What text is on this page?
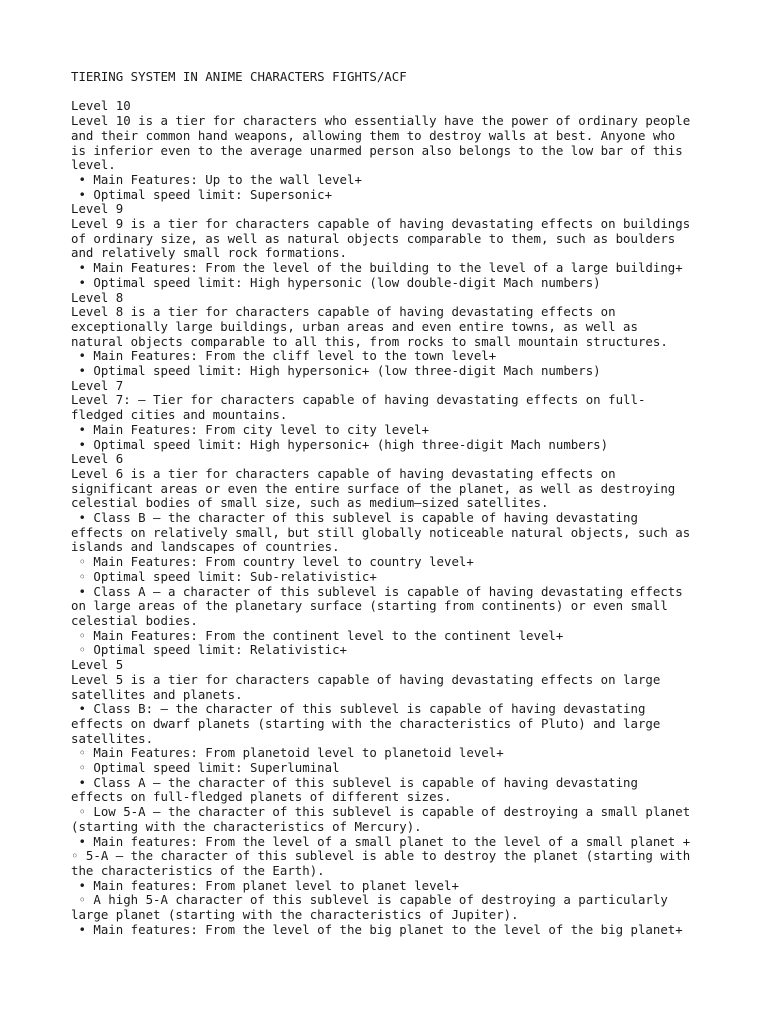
TIERING SYSTEM IN ANIME CHARACTERS FIGHTS/ACF
Level 10
Level 10 is a tier for characters who essentially have the power of ordinary people
and their common hand weapons, allowing them to destroy walls at best. Anyone who
is inferior even to the average unarmed person also belongs to the low bar of this
level.
• Main Features: Up to the wall level+
• Optimal speed limit: Supersonic+
Level 9
Level 9 is a tier for characters capable of having devastating effects on buildings
of ordinary size, as well as natural objects comparable to them, such as boulders
and relatively small rock formations.
• Main Features: From the level of the building to the level of a large building+
• Optimal speed limit: High hypersonic (low double-digit Mach numbers)
Level 8
Level 8 is a tier for characters capable of having devastating effects on
exceptionally large buildings, urban areas and even entire towns, as well as
natural objects comparable to all this, from rocks to small mountain structures.
• Main Features: From the cliff level to the town level+
• Optimal speed limit: High hypersonic+ (low three-digit Mach numbers)
Level 7
Level 7: — Tier for characters capable of having devastating effects on full-
fledged cities and mountains.
• Main Features: From city level to city level+
• Optimal speed limit: High hypersonic+ (high three-digit Mach numbers)
Level 6
Level 6 is a tier for characters capable of having devastating effects on
significant areas or even the entire surface of the planet, as well as destroying
celestial bodies of small size, such as medium—sized satellites.
• Class B — the character of this sublevel is capable of having devastating
effects on relatively small, but still globally noticeable natural objects, such as
islands and landscapes of countries.
◦ Main Features: From country level to country level+
◦ Optimal speed limit: Sub-relativistic+
• Class A — a character of this sublevel is capable of having devastating effects
on large areas of the planetary surface (starting from continents) or even small
celestial bodies.
◦ Main Features: From the continent level to the continent level+
◦ Optimal speed limit: Relativistic+
Level 5
Level 5 is a tier for characters capable of having devastating effects on large
satellites and planets.
• Class B: — the character of this sublevel is capable of having devastating
effects on dwarf planets (starting with the characteristics of Pluto) and large
satellites.
◦ Main Features: From planetoid level to planetoid level+
◦ Optimal speed limit: Superluminal
• Class A — the character of this sublevel is capable of having devastating
effects on full-fledged planets of different sizes.
◦ Low 5-A — the character of this sublevel is capable of destroying a small planet
(starting with the characteristics of Mercury).
• Main features: From the level of a small planet to the level of a small planet +
◦ 5-A — the character of this sublevel is able to destroy the planet (starting with
the characteristics of the Earth).
• Main features: From planet level to planet level+
◦ A high 5-A character of this sublevel is capable of destroying a particularly
large planet (starting with the characteristics of Jupiter).
• Main features: From the level of the big planet to the level of the big planet+
